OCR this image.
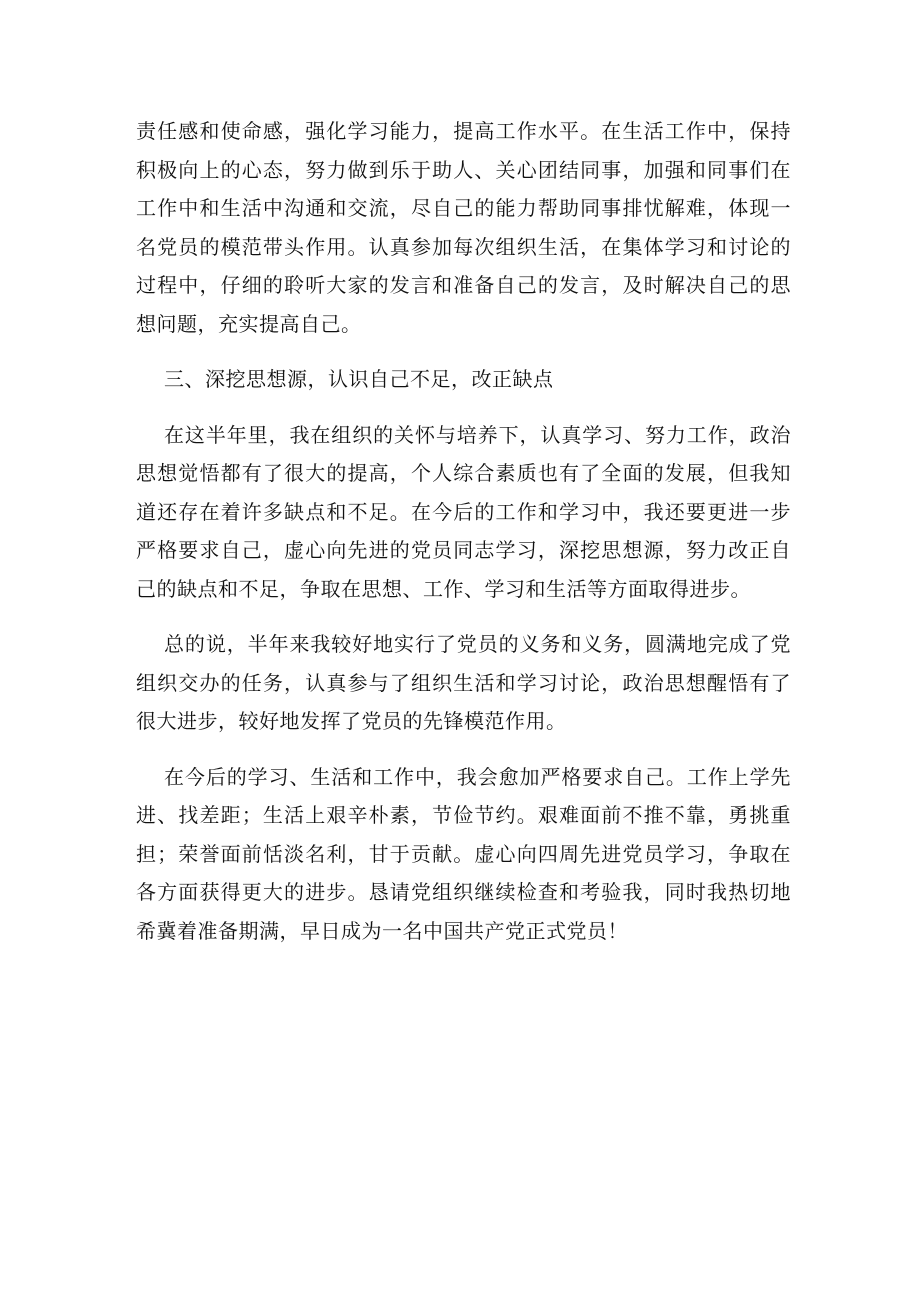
责任感和使命感，强化学习能力，提高工作水平。在生活工作中，保持积极向上的心态，努力做到乐于助人、关心团结同事，加强和同事们在工作中和生活中沟通和交流，尽自己的能力帮助同事排忧解难，体现一名党员的模范带头作用。认真参加每次组织生活，在集体学习和讨论的过程中，仔细的聆听大家的发言和准备自己的发言，及时解决自己的思想问题，充实提高自己。

三、深挖思想源，认识自己不足，改正缺点

在这半年里，我在组织的关怀与培养下，认真学习、努力工作，政治思想觉悟都有了很大的提高，个人综合素质也有了全面的发展，但我知道还存在着许多缺点和不足。在今后的工作和学习中，我还要更进一步严格要求自己，虚心向先进的党员同志学习，深挖思想源，努力改正自己的缺点和不足，争取在思想、工作、学习和生活等方面取得进步。

总的说，半年来我较好地实行了党员的义务和义务，圆满地完成了党组织交办的任务，认真参与了组织生活和学习讨论，政治思想醒悟有了很大进步，较好地发挥了党员的先锋模范作用。

在今后的学习、生活和工作中，我会愈加严格要求自己。工作上学先进、找差距；生活上艰辛朴素，节俭节约。艰难面前不推不靠，勇挑重担；荣誉面前恬淡名利，甘于贡献。虚心向四周先进党员学习，争取在各方面获得更大的进步。恳请党组织继续检查和考验我，同时我热切地希冀着准备期满，早日成为一名中国共产党正式党员！
